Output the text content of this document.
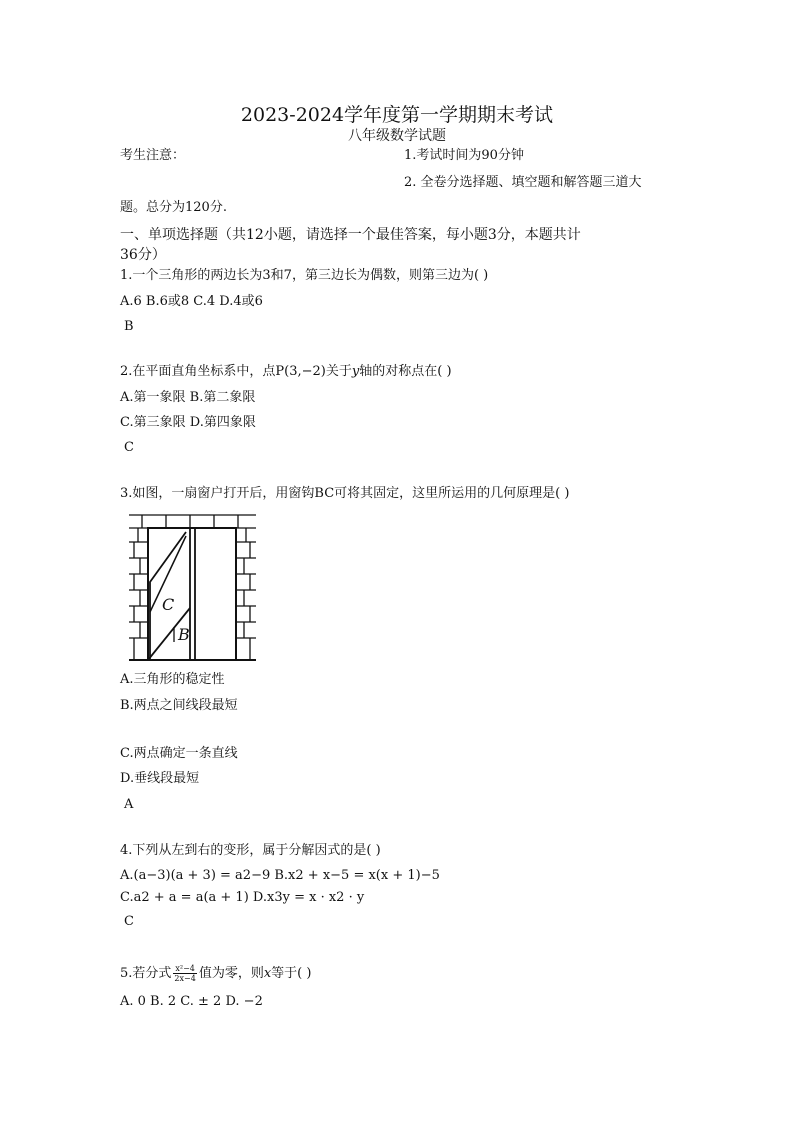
2023-2024学年度第一学期期末考试
八年级数学试题
考生注意：	1.考试时间为90分钟
2. 全卷分选择题、填空题和解答题三道大
题。总分为120分.
一、单项选择题（共12小题，请选择一个最佳答案，每小题3分，本题共计
36分）
1.一个三角形的两边长为3和7，第三边长为偶数，则第三边为( )
A.6 B.6或8 C.4 D.4或6
B
2.在平面直角坐标系中，点P(3,−2)关于y轴的对称点在( )
A.第一象限 B.第二象限
C.第三象限 D.第四象限
C
3.如图，一扇窗户打开后，用窗钩BC可将其固定，这里所运用的几何原理是( )
C
B
A.三角形的稳定性
B.两点之间线段最短
C.两点确定一条直线
D.垂线段最短
A
4.下列从左到右的变形，属于分解因式的是( )
A.(a−3)(a + 3) = a2−9 B.x2 + x−5 = x(x + 1)−5
C.a2 + a = a(a + 1) D.x3y = x · x2 · y
C
5.若分式 $\frac{\text{x²−4}}{2x-4}$ 值为零，则x等于( )
A. 0 B. 2 C. ± 2 D. −2
